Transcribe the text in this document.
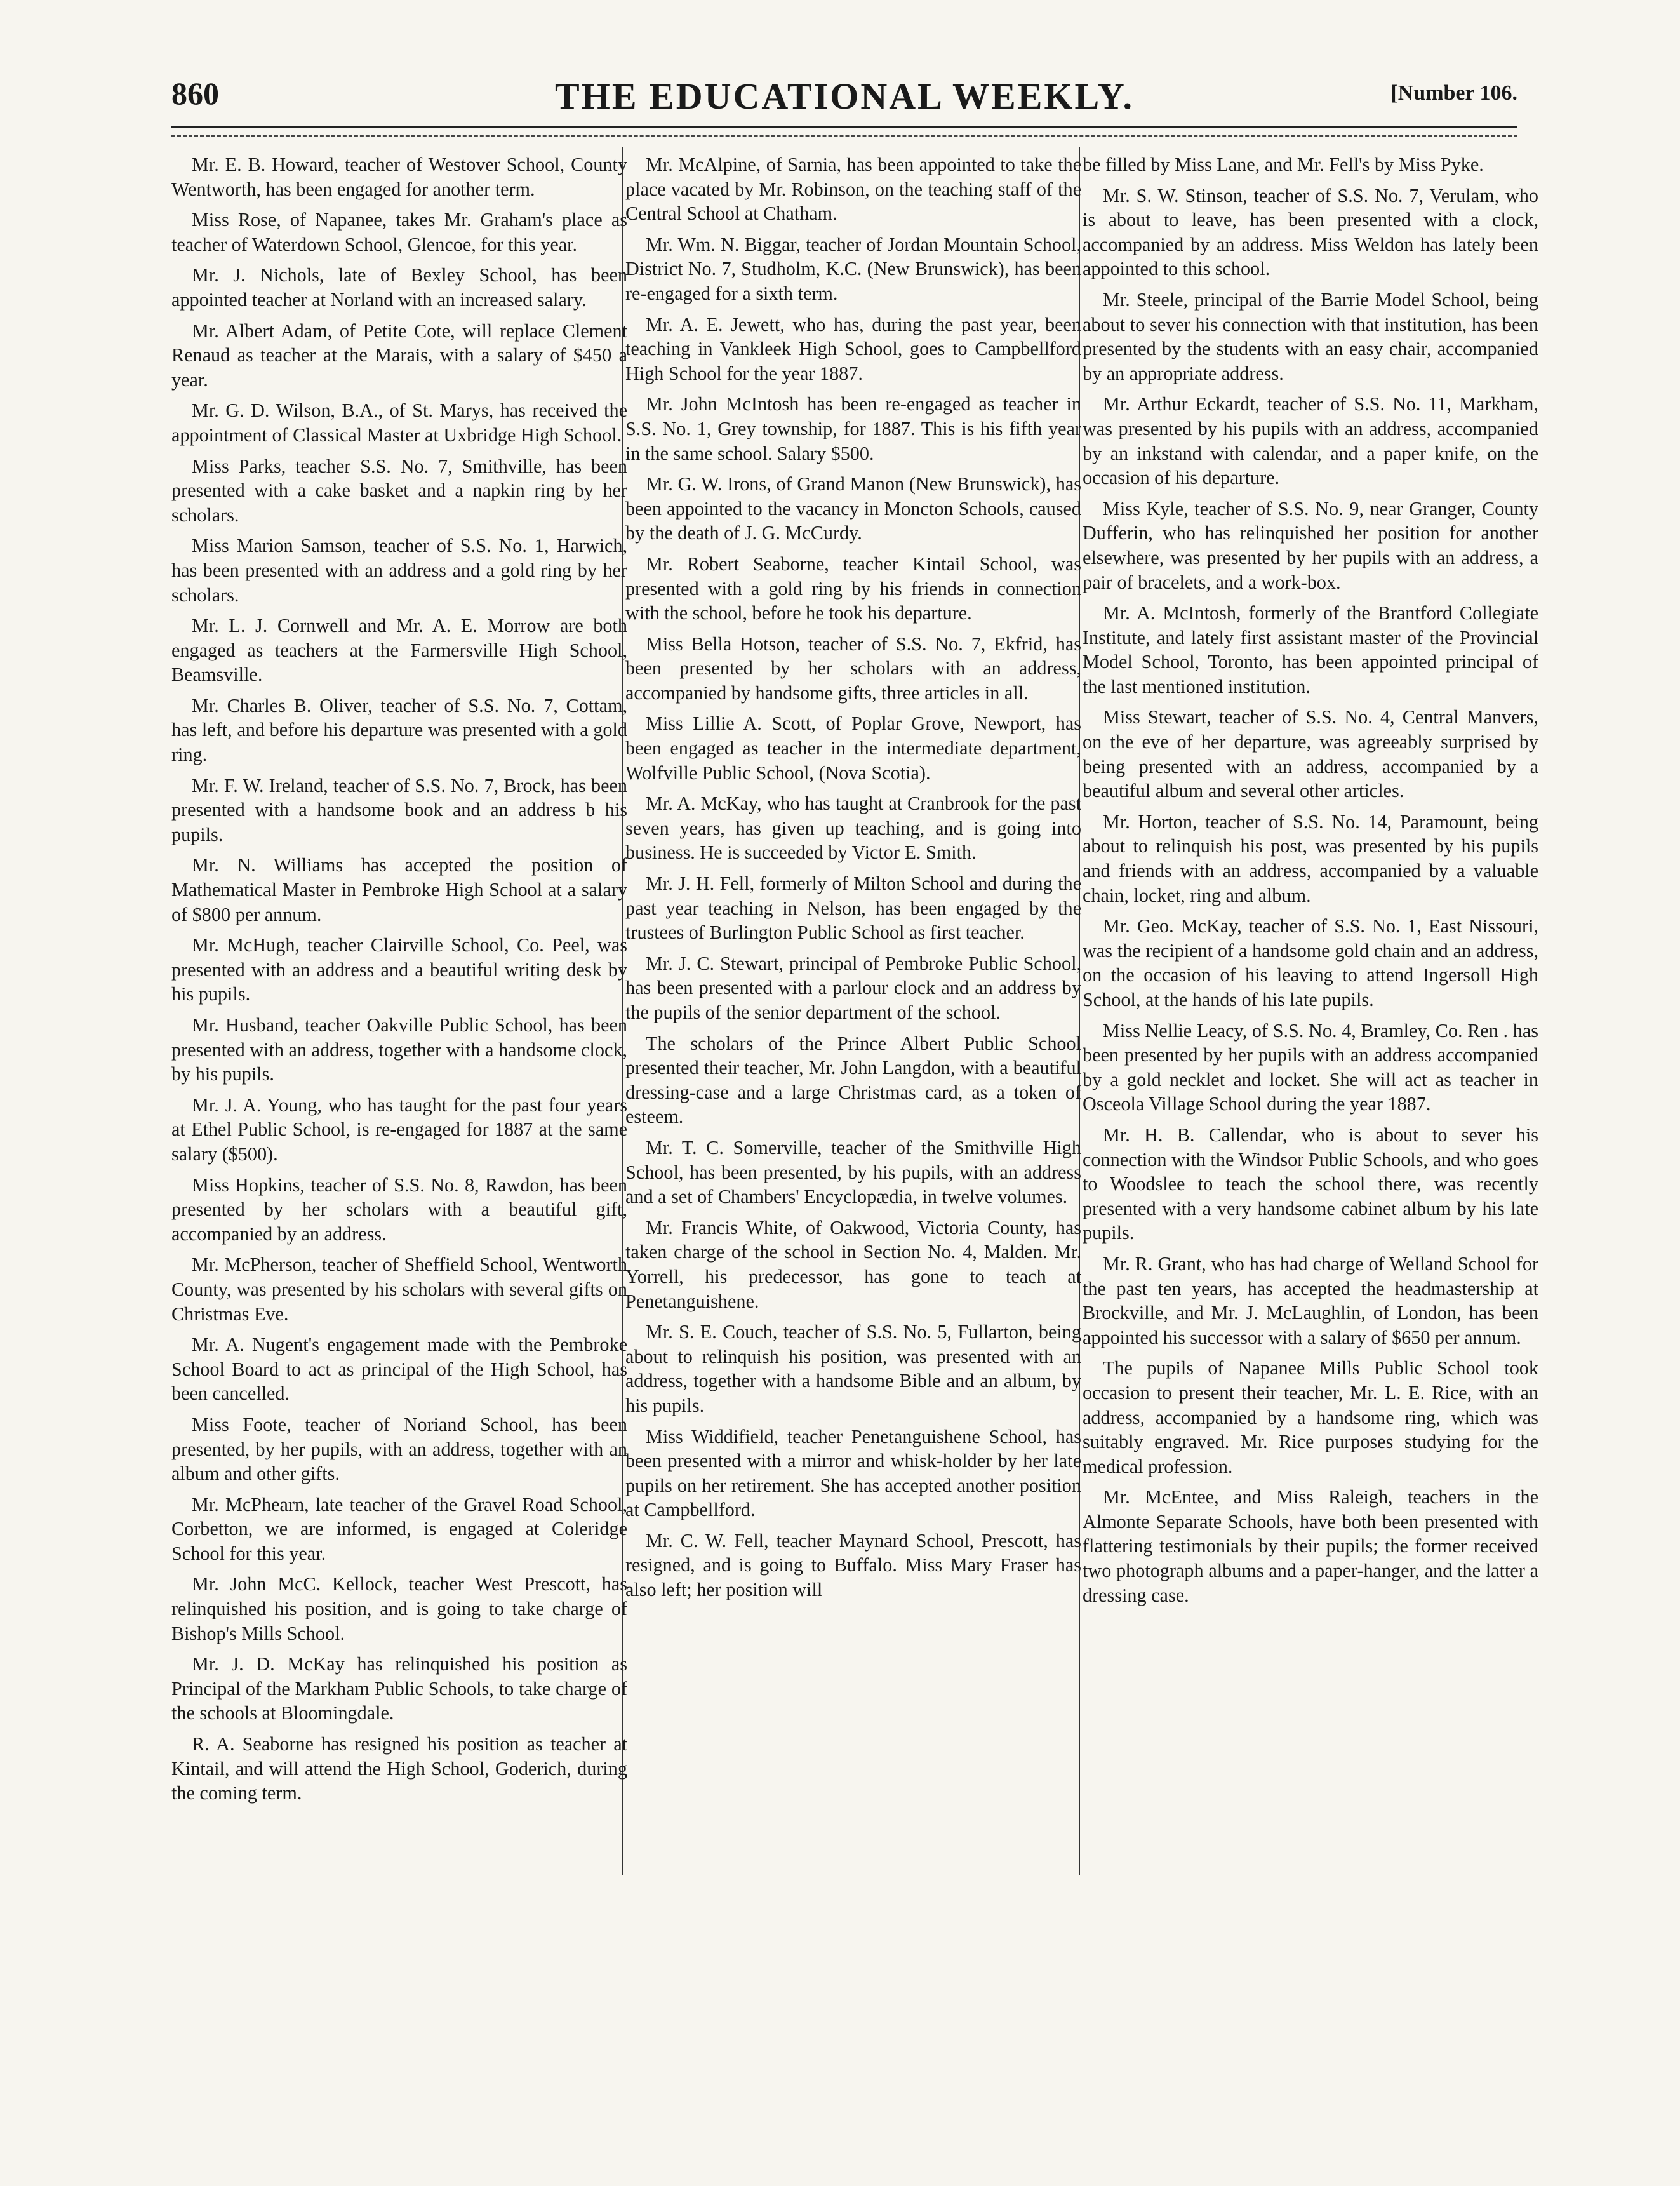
860	THE EDUCATIONAL WEEKLY.	[Number 106.

Mr. E. B. Howard, teacher of Westover School, County Wentworth, has been engaged for another term.

Miss Rose, of Napanee, takes Mr. Graham's place as teacher of Waterdown School, Glencoe, for this year.

Mr. J. Nichols, late of Bexley School, has been appointed teacher at Norland with an increased salary.

Mr. Albert Adam, of Petite Cote, will replace Clement Renaud as teacher at the Marais, with a salary of $450 a year.

Mr. G. D. Wilson, B.A., of St. Marys, has received the appointment of Classical Master at Uxbridge High School.

Miss Parks, teacher S.S. No. 7, Smithville, has been presented with a cake basket and a napkin ring by her scholars.

Miss Marion Samson, teacher of S.S. No. 1, Harwich, has been presented with an address and a gold ring by her scholars.

Mr. L. J. Cornwell and Mr. A. E. Morrow are both engaged as teachers at the Farmersville High School, Beamsville.

Mr. Charles B. Oliver, teacher of S.S. No. 7, Cottam, has left, and before his departure was presented with a gold ring.

Mr. F. W. Ireland, teacher of S.S. No. 7, Brock, has been presented with a handsome book and an address b his pupils.

Mr. N. Williams has accepted the position of Mathematical Master in Pembroke High School at a salary of $800 per annum.

Mr. McHugh, teacher Clairville School, Co. Peel, was presented with an address and a beautiful writing desk by his pupils.

Mr. Husband, teacher Oakville Public School, has been presented with an address, together with a handsome clock, by his pupils.

Mr. J. A. Young, who has taught for the past four years at Ethel Public School, is re-engaged for 1887 at the same salary ($500).

Miss Hopkins, teacher of S.S. No. 8, Rawdon, has been presented by her scholars with a beautiful gift, accompanied by an address.

Mr. McPherson, teacher of Sheffield School, Wentworth County, was presented by his scholars with several gifts on Christmas Eve.

Mr. A. Nugent's engagement made with the Pembroke School Board to act as principal of the High School, has been cancelled.

Miss Foote, teacher of Noriand School, has been presented, by her pupils, with an address, together with an album and other gifts.

Mr. McPhearn, late teacher of the Gravel Road School, Corbetton, we are informed, is engaged at Coleridge School for this year.

Mr. John McC. Kellock, teacher West Prescott, has relinquished his position, and is going to take charge of Bishop's Mills School.

Mr. J. D. McKay has relinquished his position as Principal of the Markham Public Schools, to take charge of the schools at Bloomingdale.

R. A. Seaborne has resigned his position as teacher at Kintail, and will attend the High School, Goderich, during the coming term.

Mr. McAlpine, of Sarnia, has been appointed to take the place vacated by Mr. Robinson, on the teaching staff of the Central School at Chatham.

Mr. Wm. N. Biggar, teacher of Jordan Mountain School, District No. 7, Studholm, K.C. (New Brunswick), has been re-engaged for a sixth term.

Mr. A. E. Jewett, who has, during the past year, been teaching in Vankleek High School, goes to Campbellford High School for the year 1887.

Mr. John McIntosh has been re-engaged as teacher in S.S. No. 1, Grey township, for 1887. This is his fifth year in the same school. Salary $500.

Mr. G. W. Irons, of Grand Manon (New Brunswick), has been appointed to the vacancy in Moncton Schools, caused by the death of J. G. McCurdy.

Mr. Robert Seaborne, teacher Kintail School, was presented with a gold ring by his friends in connection with the school, before he took his departure.

Miss Bella Hotson, teacher of S.S. No. 7, Ekfrid, has been presented by her scholars with an address, accompanied by handsome gifts, three articles in all.

Miss Lillie A. Scott, of Poplar Grove, Newport, has been engaged as teacher in the intermediate department, Wolfville Public School, (Nova Scotia).

Mr. A. McKay, who has taught at Cranbrook for the past seven years, has given up teaching, and is going into business. He is succeeded by Victor E. Smith.

Mr. J. H. Fell, formerly of Milton School and during the past year teaching in Nelson, has been engaged by the trustees of Burlington Public School as first teacher.

Mr. J. C. Stewart, principal of Pembroke Public School, has been presented with a parlour clock and an address by the pupils of the senior department of the school.

The scholars of the Prince Albert Public School presented their teacher, Mr. John Langdon, with a beautiful dressing-case and a large Christmas card, as a token of esteem.

Mr. T. C. Somerville, teacher of the Smithville High School, has been presented, by his pupils, with an address and a set of Chambers' Encyclopædia, in twelve volumes.

Mr. Francis White, of Oakwood, Victoria County, has taken charge of the school in Section No. 4, Malden. Mr. Yorrell, his predecessor, has gone to teach at Penetanguishene.

Mr. S. E. Couch, teacher of S.S. No. 5, Fullarton, being about to relinquish his position, was presented with an address, together with a handsome Bible and an album, by his pupils.

Miss Widdifield, teacher Penetanguishene School, has been presented with a mirror and whisk-holder by her late pupils on her retirement. She has accepted another position at Campbellford.

Mr. C. W. Fell, teacher Maynard School, Prescott, has resigned, and is going to Buffalo. Miss Mary Fraser has also left; her position will

be filled by Miss Lane, and Mr. Fell's by Miss Pyke.

Mr. S. W. Stinson, teacher of S.S. No. 7, Verulam, who is about to leave, has been presented with a clock, accompanied by an address. Miss Weldon has lately been appointed to this school.

Mr. Steele, principal of the Barrie Model School, being about to sever his connection with that institution, has been presented by the students with an easy chair, accompanied by an appropriate address.

Mr. Arthur Eckardt, teacher of S.S. No. 11, Markham, was presented by his pupils with an address, accompanied by an inkstand with calendar, and a paper knife, on the occasion of his departure.

Miss Kyle, teacher of S.S. No. 9, near Granger, County Dufferin, who has relinquished her position for another elsewhere, was presented by her pupils with an address, a pair of bracelets, and a work-box.

Mr. A. McIntosh, formerly of the Brantford Collegiate Institute, and lately first assistant master of the Provincial Model School, Toronto, has been appointed principal of the last mentioned institution.

Miss Stewart, teacher of S.S. No. 4, Central Manvers, on the eve of her departure, was agreeably surprised by being presented with an address, accompanied by a beautiful album and several other articles.

Mr. Horton, teacher of S.S. No. 14, Paramount, being about to relinquish his post, was presented by his pupils and friends with an address, accompanied by a valuable chain, locket, ring and album.

Mr. Geo. McKay, teacher of S.S. No. 1, East Nissouri, was the recipient of a handsome gold chain and an address, on the occasion of his leaving to attend Ingersoll High School, at the hands of his late pupils.

Miss Nellie Leacy, of S.S. No. 4, Bramley, Co. Ren . has been presented by her pupils with an address accompanied by a gold necklet and locket. She will act as teacher in Osceola Village School during the year 1887.

Mr. H. B. Callendar, who is about to sever his connection with the Windsor Public Schools, and who goes to Woodslee to teach the school there, was recently presented with a very handsome cabinet album by his late pupils.

Mr. R. Grant, who has had charge of Welland School for the past ten years, has accepted the headmastership at Brockville, and Mr. J. McLaughlin, of London, has been appointed his successor with a salary of $650 per annum.

The pupils of Napanee Mills Public School took occasion to present their teacher, Mr. L. E. Rice, with an address, accompanied by a handsome ring, which was suitably engraved. Mr. Rice purposes studying for the medical profession.

Mr. McEntee, and Miss Raleigh, teachers in the Almonte Separate Schools, have both been presented with flattering testimonials by their pupils; the former received two photograph albums and a paper-hanger, and the latter a dressing case.
